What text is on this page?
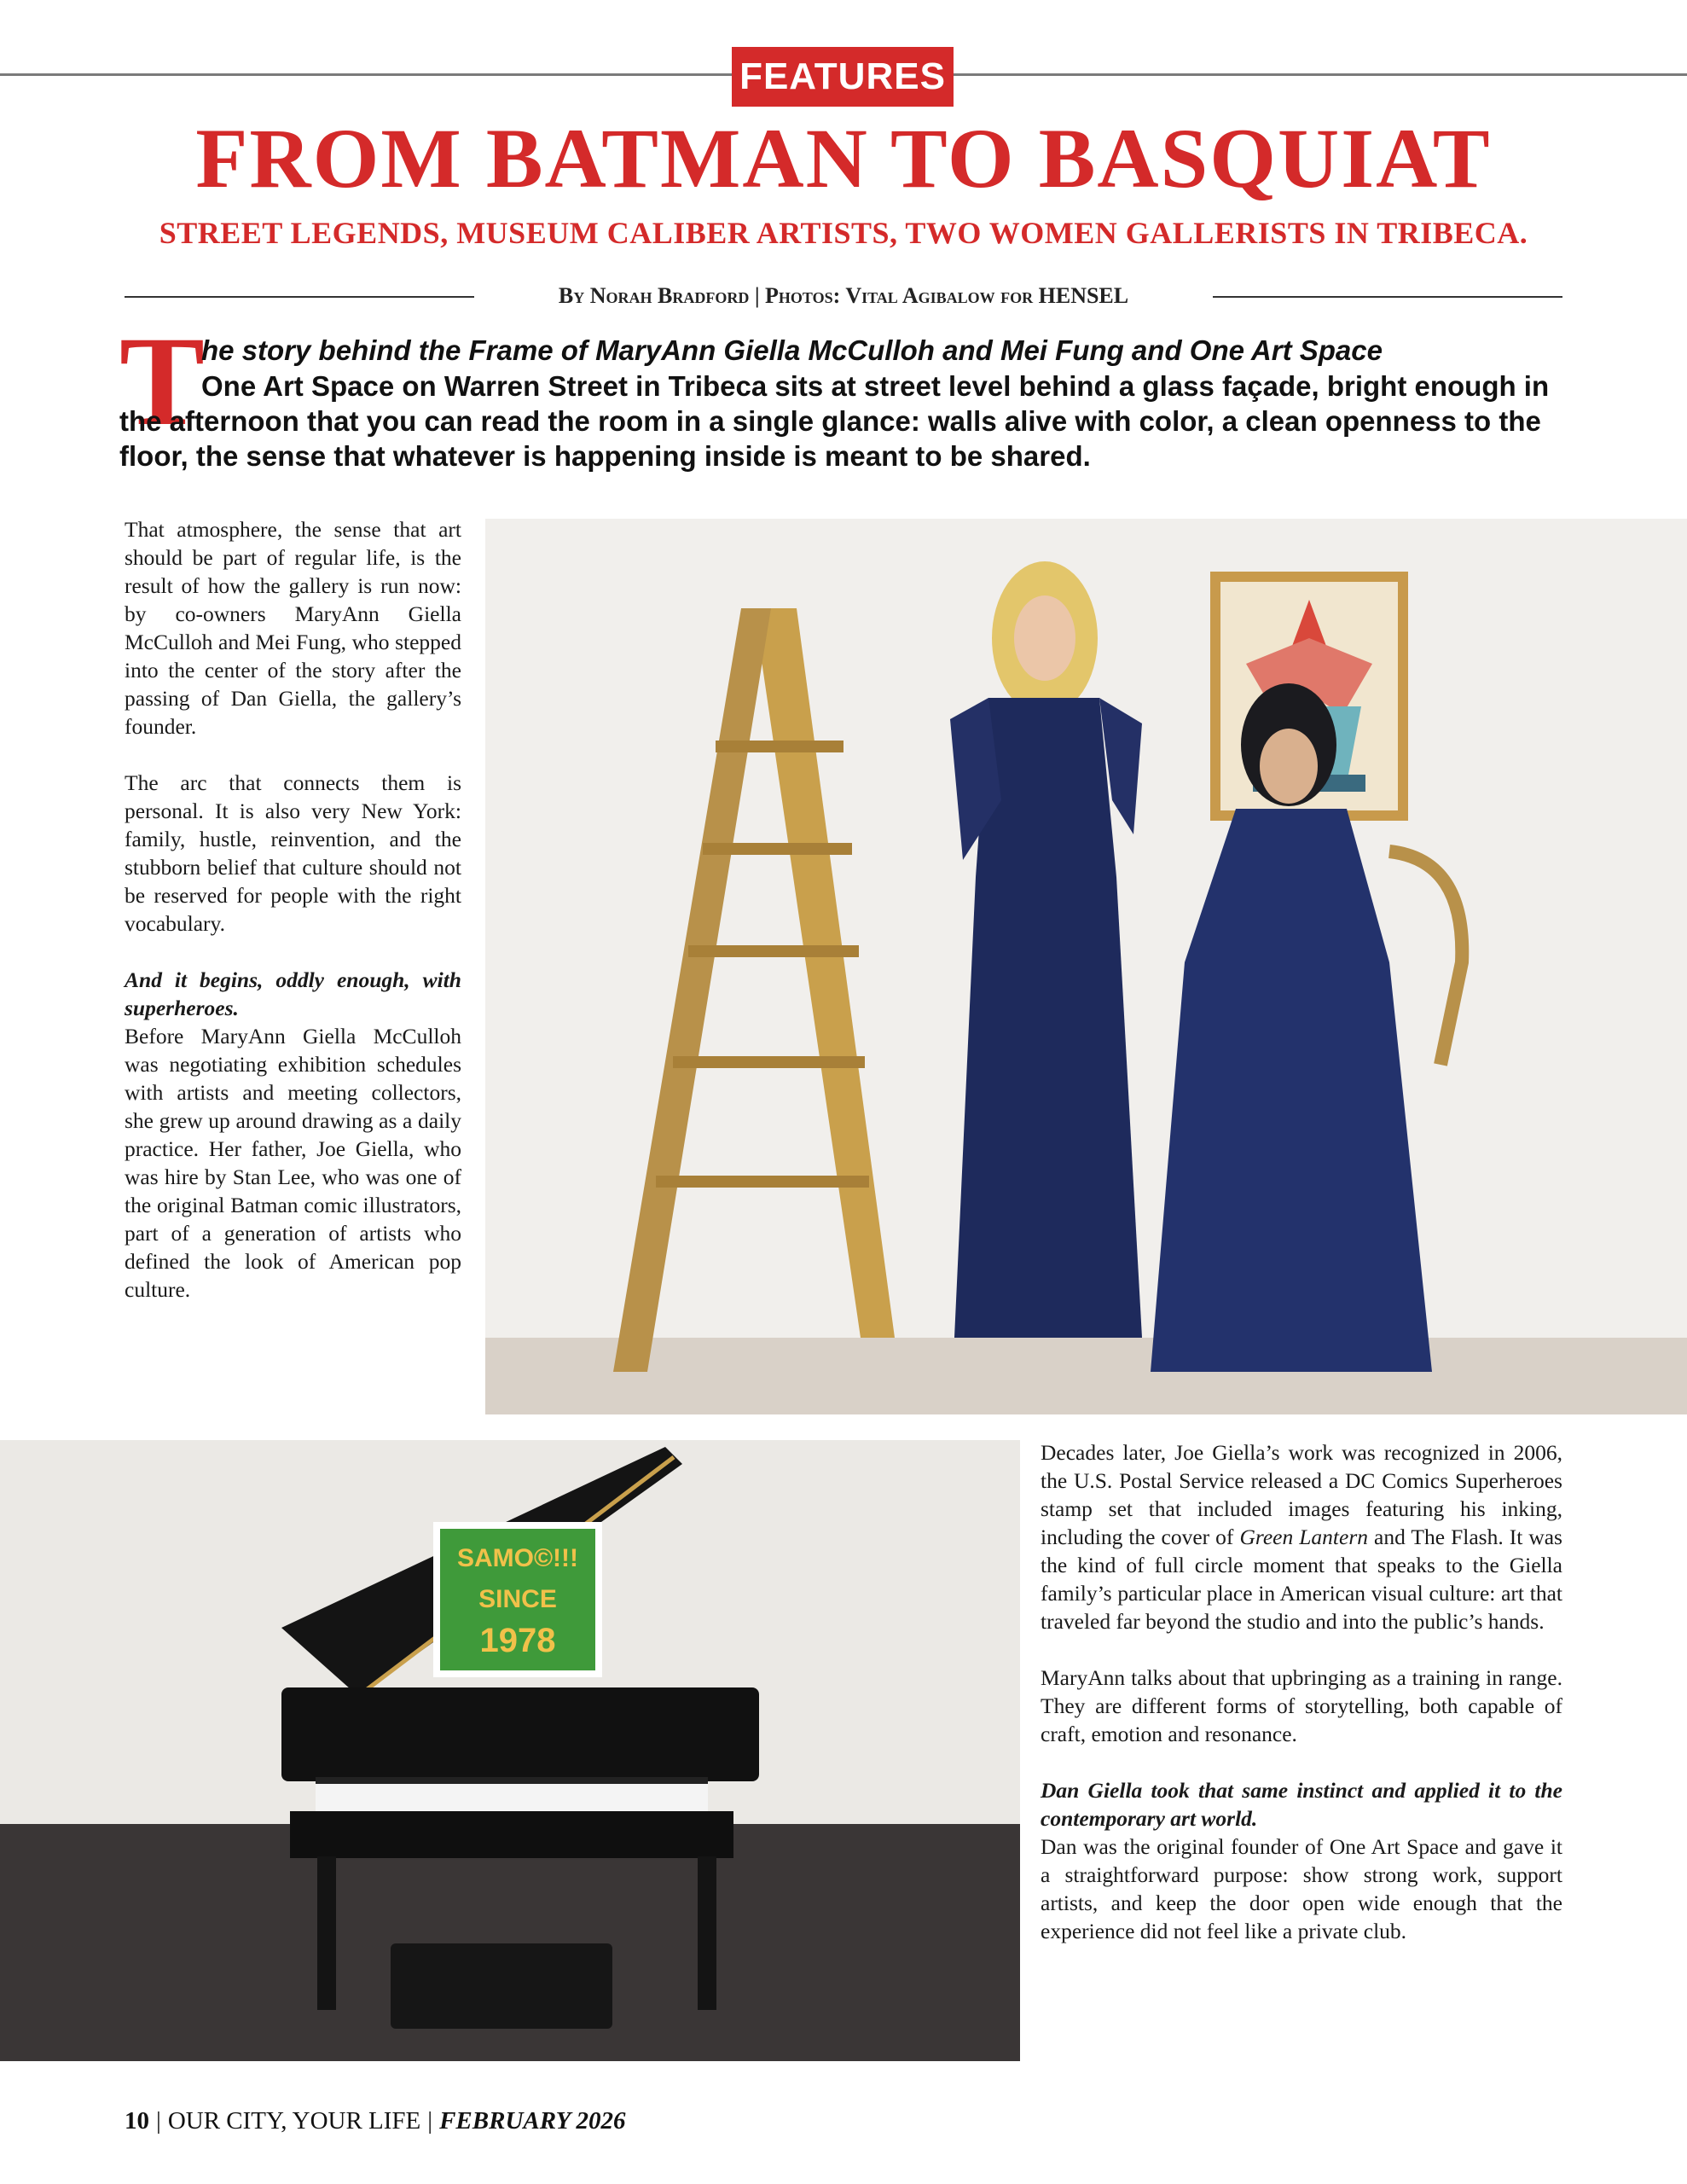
FEATURES
FROM BATMAN TO BASQUIAT
STREET LEGENDS, MUSEUM CALIBER ARTISTS, TWO WOMEN GALLERISTS IN TRIBECA.
By Norah Bradford | Photos: Vital Agibalow for HENSEL
T
he story behind the Frame of MaryAnn Giella McCulloh and Mei Fung and One Art Space
One Art Space on Warren Street in Tribeca sits at street level behind a glass façade, bright enough in the afternoon that you can read the room in a single glance: walls alive with color, a clean openness to the floor, the sense that whatever is happening inside is meant to be shared.

That atmosphere, the sense that art should be part of regular life, is the result of how the gallery is run now: by co-owners MaryAnn Giella McCulloh and Mei Fung, who stepped into the center of the story after the passing of Dan Giella, the gallery’s founder.

The arc that connects them is personal. It is also very New York: family, hustle, reinvention, and the stubborn belief that culture should not be reserved for people with the right vocabulary.

And it begins, oddly enough, with superheroes.

Before MaryAnn Giella McCulloh was negotiating exhibition schedules with artists and meeting collectors, she grew up around drawing as a daily practice. Her father, Joe Giella, who was hire by Stan Lee, who was one of the original Batman comic illustrators, part of a generation of artists who defined the look of American pop culture.

Decades later, Joe Giella’s work was recognized in 2006, the U.S. Postal Service released a DC Comics Superheroes stamp set that included images featuring his inking, including the cover of Green Lantern and The Flash. It was the kind of full circle moment that speaks to the Giella family’s particular place in American visual culture: art that traveled far beyond the studio and into the public’s hands.

MaryAnn talks about that upbringing as a training in range. They are different forms of storytelling, both capable of craft, emotion and resonance.

Dan Giella took that same instinct and applied it to the contemporary art world.

Dan was the original founder of One Art Space and gave it a straightforward purpose: show strong work, support artists, and keep the door open wide enough that the experience did not feel like a private club.

SAMO©!!!
SINCE
1978
10 | OUR CITY, YOUR LIFE | FEBRUARY 2026
